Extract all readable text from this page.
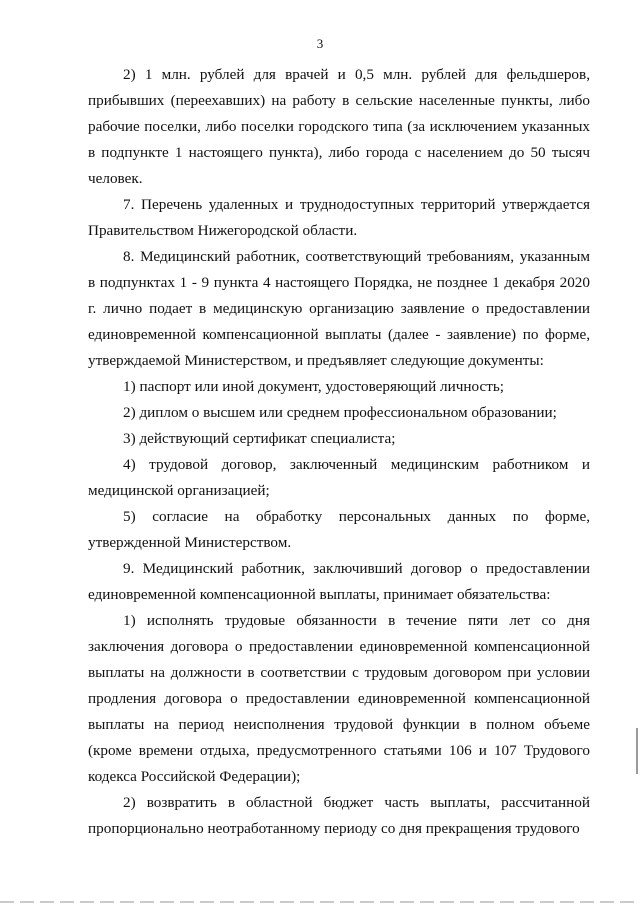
3

2) 1 млн. рублей для врачей и 0,5 млн. рублей для фельдшеров, прибывших (переехавших) на работу в сельские населенные пункты, либо рабочие поселки, либо поселки городского типа (за исключением указанных в подпункте 1 настоящего пункта), либо города с населением до 50 тысяч человек.

7. Перечень удаленных и труднодоступных территорий утверждается Правительством Нижегородской области.

8. Медицинский работник, соответствующий требованиям, указанным в подпунктах 1 - 9 пункта 4 настоящего Порядка, не позднее 1 декабря 2020 г. лично подает в медицинскую организацию заявление о предоставлении единовременной компенсационной выплаты (далее - заявление) по форме, утверждаемой Министерством, и предъявляет следующие документы:

1) паспорт или иной документ, удостоверяющий личность;

2) диплом о высшем или среднем профессиональном образовании;

3) действующий сертификат специалиста;

4) трудовой договор, заключенный медицинским работником и медицинской организацией;

5) согласие на обработку персональных данных по форме, утвержденной Министерством.

9. Медицинский работник, заключивший договор о предоставлении единовременной компенсационной выплаты, принимает обязательства:

1) исполнять трудовые обязанности в течение пяти лет со дня заключения договора о предоставлении единовременной компенсационной выплаты на должности в соответствии с трудовым договором при условии продления договора о предоставлении единовременной компенсационной выплаты на период неисполнения трудовой функции в полном объеме (кроме времени отдыха, предусмотренного статьями 106 и 107 Трудового кодекса Российской Федерации);

2) возвратить в областной бюджет часть выплаты, рассчитанной пропорционально неотработанному периоду со дня прекращения трудового
